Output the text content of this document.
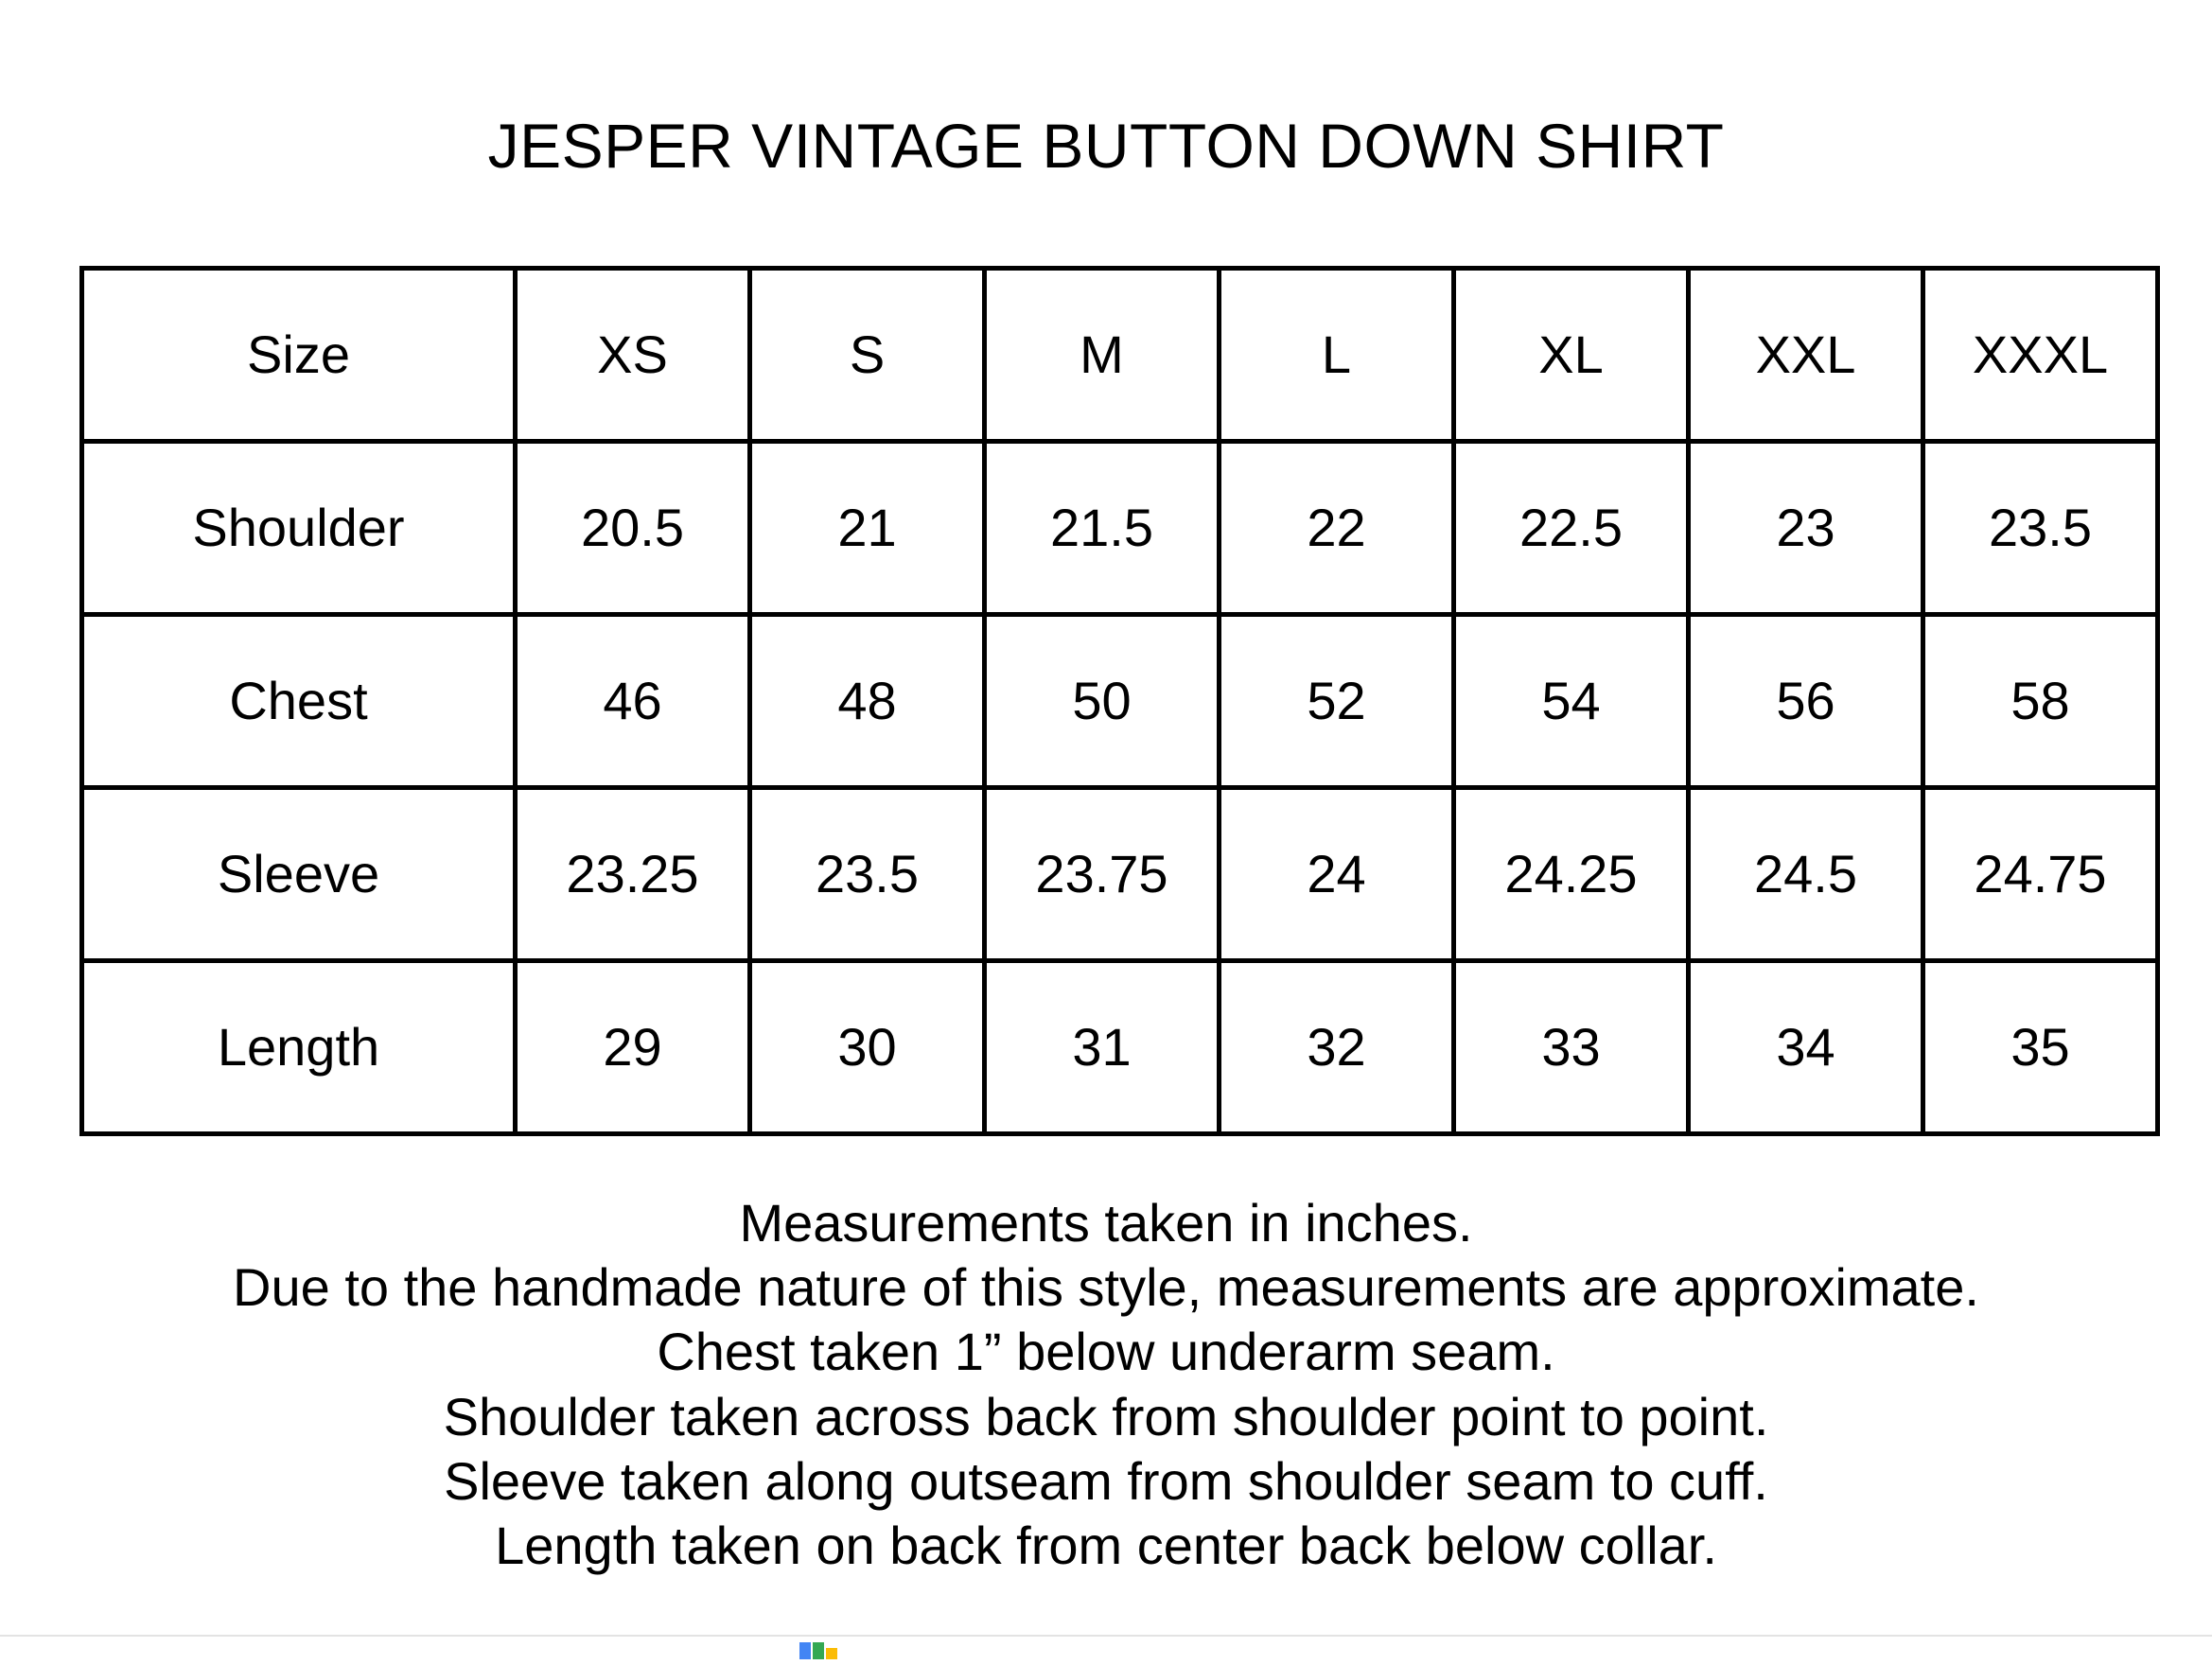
JESPER VINTAGE BUTTON DOWN SHIRT
Size	XS	S	M	L	XL	XXL	XXXL
Shoulder	20.5	21	21.5	22	22.5	23	23.5
Chest	46	48	50	52	54	56	58
Sleeve	23.25	23.5	23.75	24	24.25	24.5	24.75
Length	29	30	31	32	33	34	35
Measurements taken in inches.
Due to the handmade nature of this style, measurements are approximate.
Chest taken 1” below underarm seam.
Shoulder taken across back from shoulder point to point.
Sleeve taken along outseam from shoulder seam to cuff.
Length taken on back from center back below collar.
